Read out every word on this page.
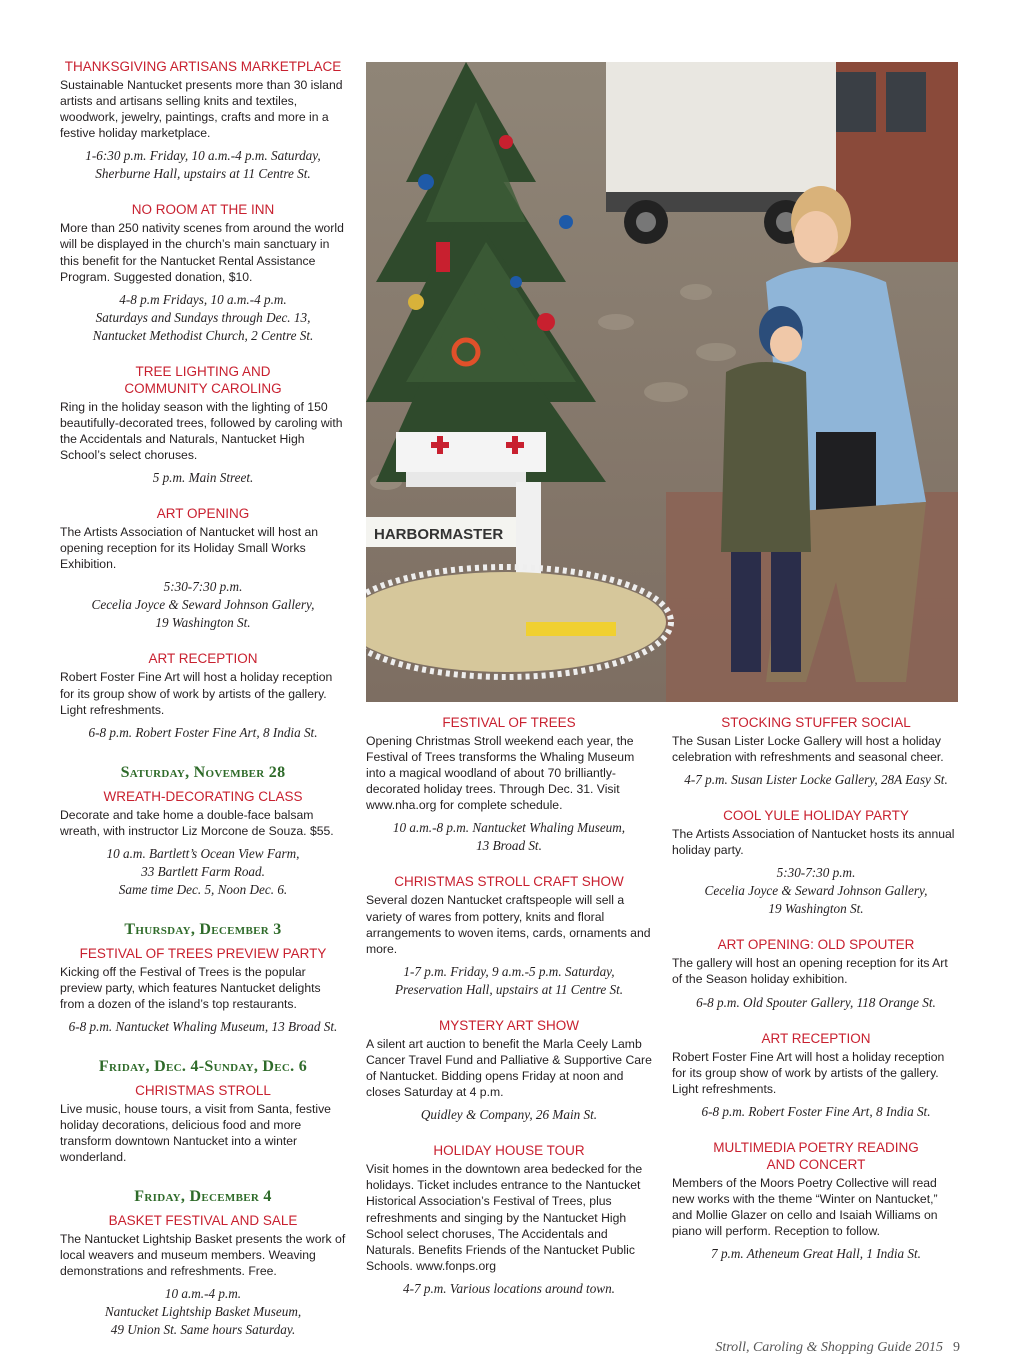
THANKSGIVING ARTISANS MARKETPLACE
Sustainable Nantucket presents more than 30 island artists and artisans selling knits and textiles, woodwork, jewelry, paintings, crafts and more in a festive holiday marketplace.
1-6:30 p.m. Friday, 10 a.m.-4 p.m. Saturday,
Sherburne Hall, upstairs at 11 Centre St.
NO ROOM AT THE INN
More than 250 nativity scenes from around the world will be displayed in the church’s main sanctuary in this benefit for the Nantucket Rental Assistance Program. Suggested donation, $10.
4-8 p.m Fridays, 10 a.m.-4 p.m.
Saturdays and Sundays through Dec. 13,
Nantucket Methodist Church, 2 Centre St.
TREE LIGHTING AND
COMMUNITY CAROLING
Ring in the holiday season with the lighting of 150 beautifully-decorated trees, followed by caroling with the Accidentals and Naturals, Nantucket High School’s select choruses.
5 p.m. Main Street.
ART OPENING
The Artists Association of Nantucket will host an opening reception for its Holiday Small Works Exhibition.
5:30-7:30 p.m.
Cecelia Joyce & Seward Johnson Gallery,
19 Washington St.
ART RECEPTION
Robert Foster Fine Art will host a holiday reception for its group show of work by artists of the gallery. Light refreshments.
6-8 p.m. Robert Foster Fine Art, 8 India St.
Saturday, November 28
WREATH-DECORATING CLASS
Decorate and take home a double-face balsam wreath, with instructor Liz Morcone de Souza. $55.
10 a.m. Bartlett’s Ocean View Farm,
33 Bartlett Farm Road.
Same time Dec. 5, Noon Dec. 6.
Thursday, December 3
FESTIVAL OF TREES PREVIEW PARTY
Kicking off the Festival of Trees is the popular preview party, which features Nantucket delights from a dozen of the island’s top restaurants.
6-8 p.m. Nantucket Whaling Museum, 13 Broad St.
Friday, Dec. 4-Sunday, Dec. 6
CHRISTMAS STROLL
Live music, house tours, a visit from Santa, festive holiday decorations, delicious food and more transform downtown Nantucket into a winter wonderland.
Friday, December 4
BASKET FESTIVAL AND SALE
The Nantucket Lightship Basket presents the work of local weavers and museum members. Weaving demonstrations and refreshments. Free.
10 a.m.-4 p.m.
Nantucket Lightship Basket Museum,
49 Union St. Same hours Saturday.
HARBORMASTER
FESTIVAL OF TREES
Opening Christmas Stroll weekend each year, the Festival of Trees transforms the Whaling Museum into a magical woodland of about 70 brilliantly-decorated holiday trees. Through Dec. 31. Visit www.nha.org for complete schedule.
10 a.m.-8 p.m. Nantucket Whaling Museum,
13 Broad St.
CHRISTMAS STROLL CRAFT SHOW
Several dozen Nantucket craftspeople will sell a variety of wares from pottery, knits and floral arrangements to woven items, cards, ornaments and more.
1-7 p.m. Friday, 9 a.m.-5 p.m. Saturday,
Preservation Hall, upstairs at 11 Centre St.
MYSTERY ART SHOW
A silent art auction to benefit the Marla Ceely Lamb Cancer Travel Fund and Palliative & Supportive Care of Nantucket. Bidding opens Friday at noon and closes Saturday at 4 p.m.
Quidley & Company, 26 Main St.
HOLIDAY HOUSE TOUR
Visit homes in the downtown area bedecked for the holidays. Ticket includes entrance to the Nantucket Historical Association’s Festival of Trees, plus refreshments and singing by the Nantucket High School select choruses, The Accidentals and Naturals. Benefits Friends of the Nantucket Public Schools. www.fonps.org
4-7 p.m. Various locations around town.
STOCKING STUFFER SOCIAL
The Susan Lister Locke Gallery will host a holiday celebration with refreshments and seasonal cheer.
4-7 p.m. Susan Lister Locke Gallery, 28A Easy St.
COOL YULE HOLIDAY PARTY
The Artists Association of Nantucket hosts its annual holiday party.
5:30-7:30 p.m.
Cecelia Joyce & Seward Johnson Gallery,
19 Washington St.
ART OPENING: OLD SPOUTER
The gallery will host an opening reception for its Art of the Season holiday exhibition.
6-8 p.m. Old Spouter Gallery, 118 Orange St.
ART RECEPTION
Robert Foster Fine Art will host a holiday reception for its group show of work by artists of the gallery. Light refreshments.
6-8 p.m. Robert Foster Fine Art, 8 India St.
MULTIMEDIA POETRY READING
AND CONCERT
Members of the Moors Poetry Collective will read new works with the theme “Winter on Nantucket,” and Mollie Glazer on cello and Isaiah Williams on piano will perform. Reception to follow.
7 p.m. Atheneum Great Hall, 1 India St.
Stroll, Caroling & Shopping Guide 2015 9
